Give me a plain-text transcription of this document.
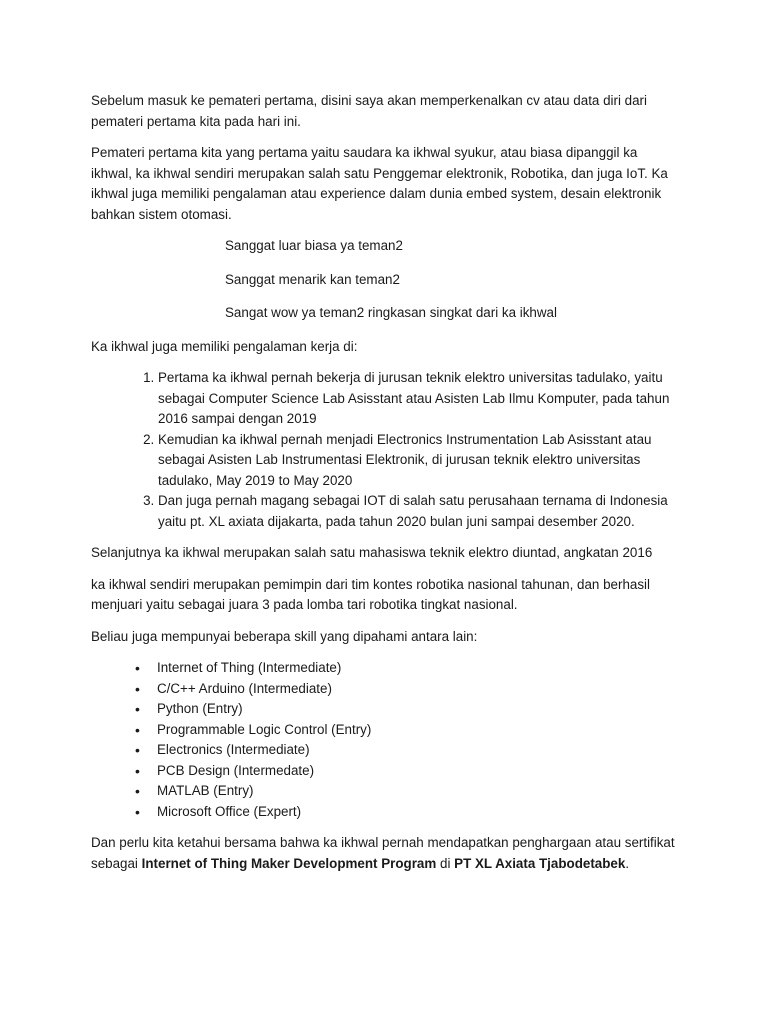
Sebelum masuk ke pemateri pertama, disini saya akan memperkenalkan cv atau data diri dari pemateri pertama kita pada hari ini.

Pemateri pertama kita yang pertama yaitu saudara ka ikhwal syukur, atau biasa dipanggil ka ikhwal, ka ikhwal sendiri merupakan salah satu Penggemar elektronik, Robotika, dan juga IoT. Ka ikhwal juga memiliki pengalaman atau experience dalam dunia embed system, desain elektronik bahkan sistem otomasi.

Sanggat luar biasa ya teman2

Sanggat menarik kan teman2

Sangat wow ya teman2 ringkasan singkat dari ka ikhwal

Ka ikhwal juga memiliki pengalaman kerja di:

1. Pertama ka ikhwal pernah bekerja di jurusan teknik elektro universitas tadulako, yaitu sebagai Computer Science Lab Asisstant atau Asisten Lab Ilmu Komputer, pada tahun 2016 sampai dengan 2019
2. Kemudian ka ikhwal pernah menjadi Electronics Instrumentation Lab Asisstant atau sebagai Asisten Lab Instrumentasi Elektronik, di jurusan teknik elektro universitas tadulako, May 2019 to May 2020
3. Dan juga pernah magang sebagai IOT di salah satu perusahaan ternama di Indonesia yaitu pt. XL axiata dijakarta, pada tahun 2020 bulan juni sampai desember 2020.

Selanjutnya ka ikhwal merupakan salah satu mahasiswa teknik elektro diuntad, angkatan 2016

ka ikhwal sendiri merupakan pemimpin dari tim kontes robotika nasional tahunan, dan berhasil menjuari yaitu sebagai juara 3 pada lomba tari robotika tingkat nasional.

Beliau juga mempunyai beberapa skill yang dipahami antara lain:

• Internet of Thing (Intermediate)
• C/C++ Arduino (Intermediate)
• Python (Entry)
• Programmable Logic Control (Entry)
• Electronics (Intermediate)
• PCB Design (Intermedate)
• MATLAB (Entry)
• Microsoft Office (Expert)

Dan perlu kita ketahui bersama bahwa ka ikhwal pernah mendapatkan penghargaan atau sertifikat sebagai Internet of Thing Maker Development Program di PT XL Axiata Tjabodetabek.
